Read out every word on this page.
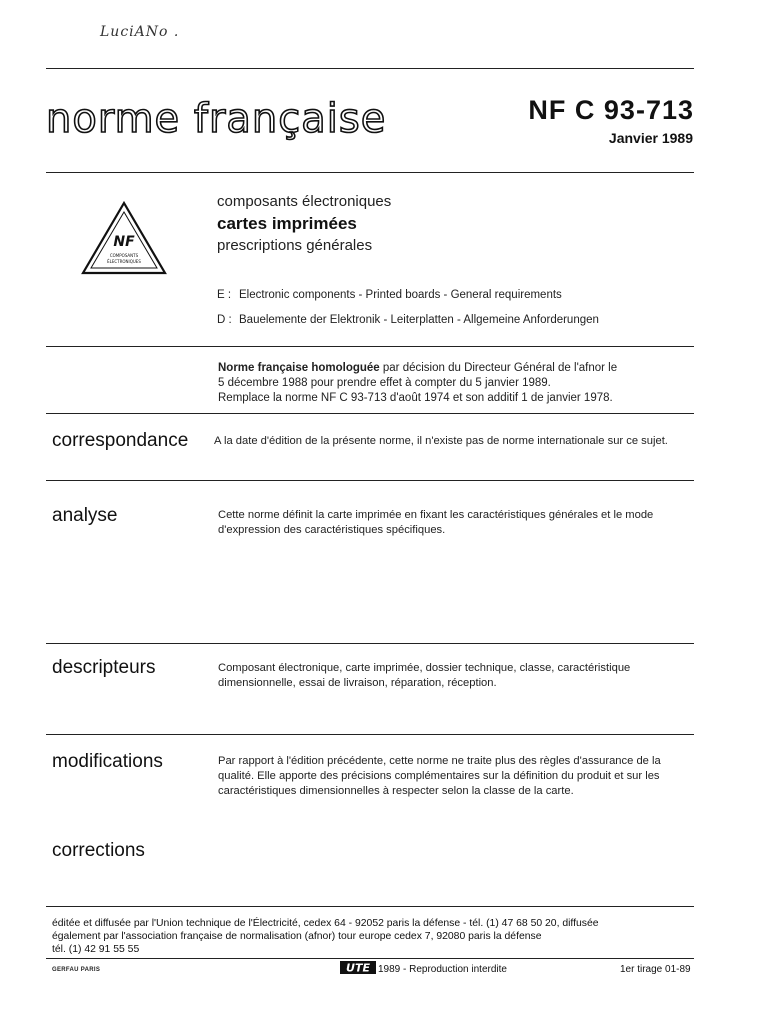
LuciANo .
norme française	NF C 93-713
Janvier 1989
NF
COMPOSANTS
ÉLECTRONIQUES
composants électroniques
cartes imprimées
prescriptions générales
E : Electronic components - Printed boards - General requirements
D : Bauelemente der Elektronik - Leiterplatten - Allgemeine Anforderungen
Norme française homologuée par décision du Directeur Général de l'afnor le
5 décembre 1988 pour prendre effet à compter du 5 janvier 1989.
Remplace la norme NF C 93-713 d'août 1974 et son additif 1 de janvier 1978.
correspondance A la date d'édition de la présente norme, il n'existe pas de norme internationale sur ce sujet.
analyse	Cette norme définit la carte imprimée en fixant les caractéristiques générales et le mode d'expression des caractéristiques spécifiques.
descripteurs	Composant électronique, carte imprimée, dossier technique, classe, caractéristique dimensionnelle, essai de livraison, réparation, réception.
modifications	Par rapport à l'édition précédente, cette norme ne traite plus des règles d'assurance de la qualité. Elle apporte des précisions complémentaires sur la définition du produit et sur les caractéristiques dimensionnelles à respecter selon la classe de la carte.
corrections
éditée et diffusée par l'Union technique de l'Électricité, cedex 64 - 92052 paris la défense - tél. (1) 47 68 50 20, diffusée
également par l'association française de normalisation (afnor) tour europe cedex 7, 92080 paris la défense
tél. (1) 42 91 55 55
GERFAU PARIS	UTE 1989 - Reproduction interdite	1er tirage 01-89
